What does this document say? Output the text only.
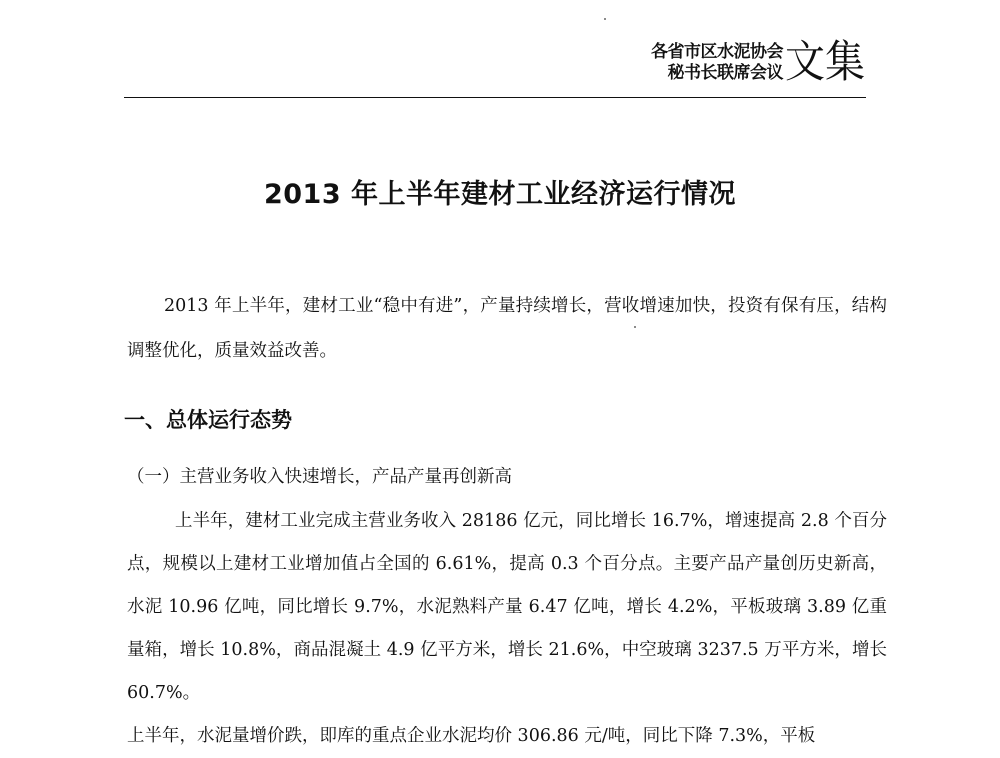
各省市区水泥协会
秘书长联席会议 文集
2013 年上半年建材工业经济运行情况

2013 年上半年，建材工业“稳中有进”，产量持续增长，营收增速加快，投资有保有压，结构调整优化，质量效益改善。

一、总体运行态势

（一）主营业务收入快速增长，产品产量再创新高

上半年，建材工业完成主营业务收入 28186 亿元，同比增长 16.7%，增速提高 2.8 个百分点，规模以上建材工业增加值占全国的 6.61%，提高 0.3 个百分点。主要产品产量创历史新高，水泥 10.96 亿吨，同比增长 9.7%，水泥熟料产量 6.47 亿吨，增长 4.2%，平板玻璃 3.89 亿重量箱，增长 10.8%，商品混凝土 4.9 亿平方米，增长 21.6%，中空玻璃 3237.5 万平方米，增长 60.7%。
上半年，水泥量增价跌，即库的重点企业水泥均价 306.86 元/吨，同比下降 7.3%，平板
